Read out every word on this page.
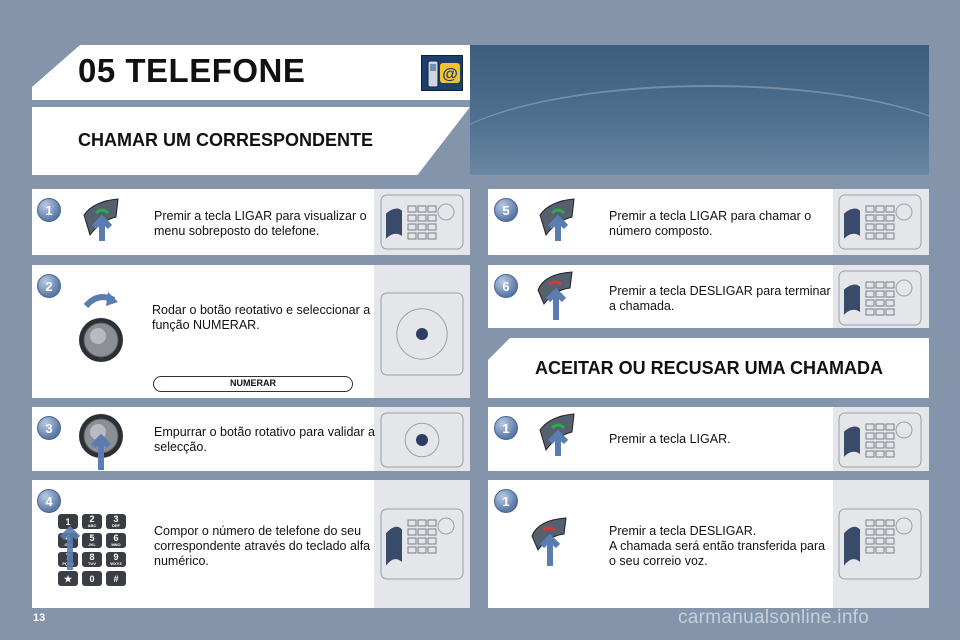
05 TELEFONE	@
CHAMAR UM CORRESPONDENTE
ACEITAR OU RECUSAR UMA CHAMADA
1
2
3
4
5
6
1
1
Premir a tecla LIGAR para visualizar o menu sobreposto do telefone.
Rodar o botão reotativo e seleccionar a função NUMERAR.
Empurrar o botão rotativo para validar a selecção.
Compor o número de telefone do seu correspondente através do teclado alfa numérico.
Premir a tecla LIGAR para chamar o número composto.
Premir a tecla DESLIGAR para terminar a chamada.
Premir a tecla LIGAR.
Premir a tecla DESLIGAR.
A chamada será então transferida para o seu correio voz.
NUMERAR
1 2
ABC
3
DEF
4
GHI
5
JKL
6
MNO
7
PQRS
8
TUV
9
WXYZ
★ 0 #
13	carmanualsonline.info
